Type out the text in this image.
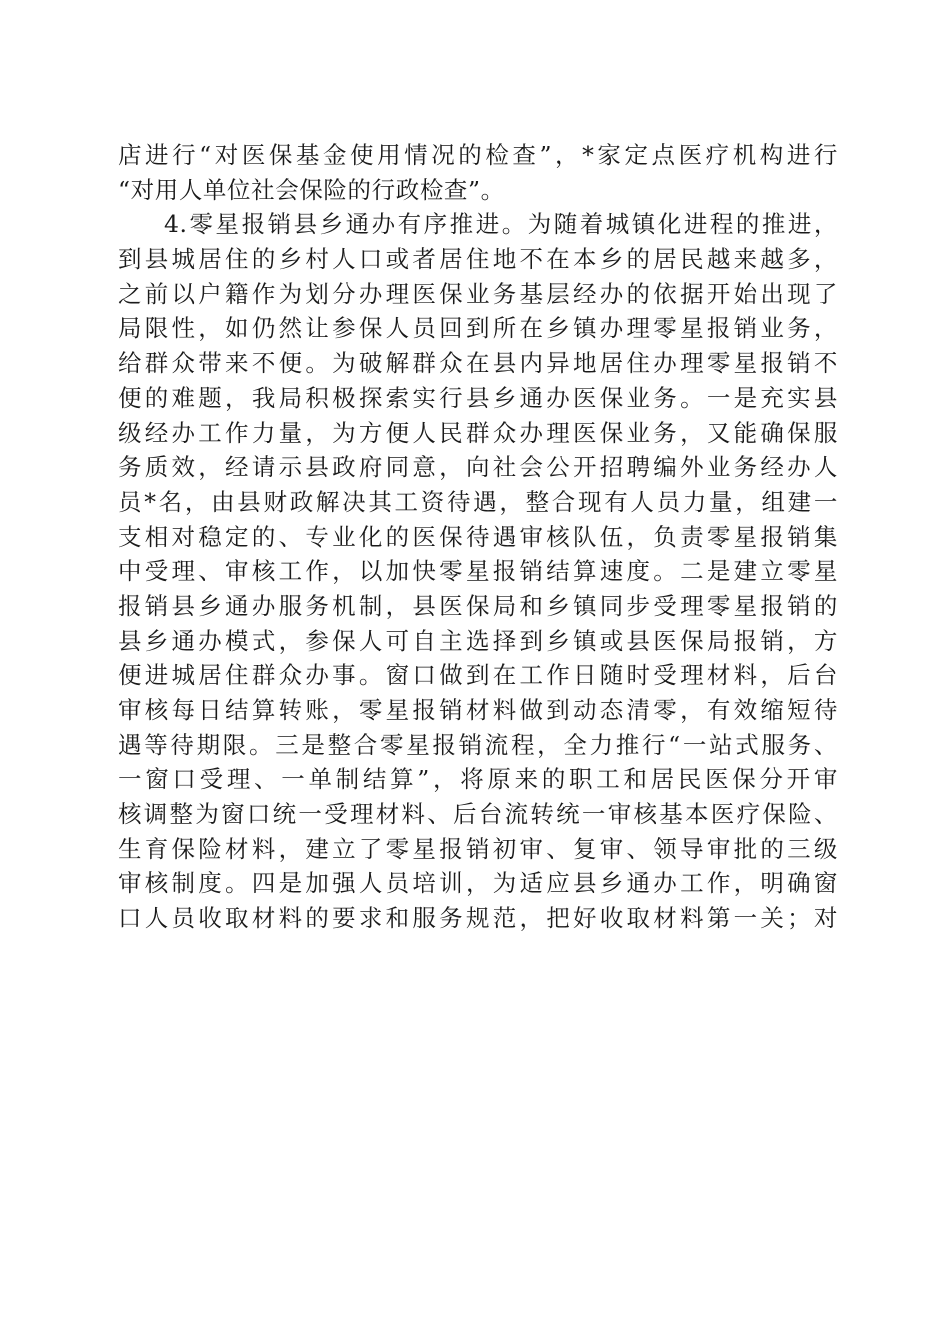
店进行“对医保基金使用情况的检查”，*家定点医疗机构进行
“对用人单位社会保险的行政检查”。
4.零星报销县乡通办有序推进。为随着城镇化进程的推进，
到县城居住的乡村人口或者居住地不在本乡的居民越来越多，
之前以户籍作为划分办理医保业务基层经办的依据开始出现了
局限性，如仍然让参保人员回到所在乡镇办理零星报销业务，
给群众带来不便。为破解群众在县内异地居住办理零星报销不
便的难题，我局积极探索实行县乡通办医保业务。一是充实县
级经办工作力量，为方便人民群众办理医保业务，又能确保服
务质效，经请示县政府同意，向社会公开招聘编外业务经办人
员*名，由县财政解决其工资待遇，整合现有人员力量，组建一
支相对稳定的、专业化的医保待遇审核队伍，负责零星报销集
中受理、审核工作，以加快零星报销结算速度。二是建立零星
报销县乡通办服务机制，县医保局和乡镇同步受理零星报销的
县乡通办模式，参保人可自主选择到乡镇或县医保局报销，方
便进城居住群众办事。窗口做到在工作日随时受理材料，后台
审核每日结算转账，零星报销材料做到动态清零，有效缩短待
遇等待期限。三是整合零星报销流程，全力推行“一站式服务、
一窗口受理、一单制结算”，将原来的职工和居民医保分开审
核调整为窗口统一受理材料、后台流转统一审核基本医疗保险、
生育保险材料，建立了零星报销初审、复审、领导审批的三级
审核制度。四是加强人员培训，为适应县乡通办工作，明确窗
口人员收取材料的要求和服务规范，把好收取材料第一关；对
